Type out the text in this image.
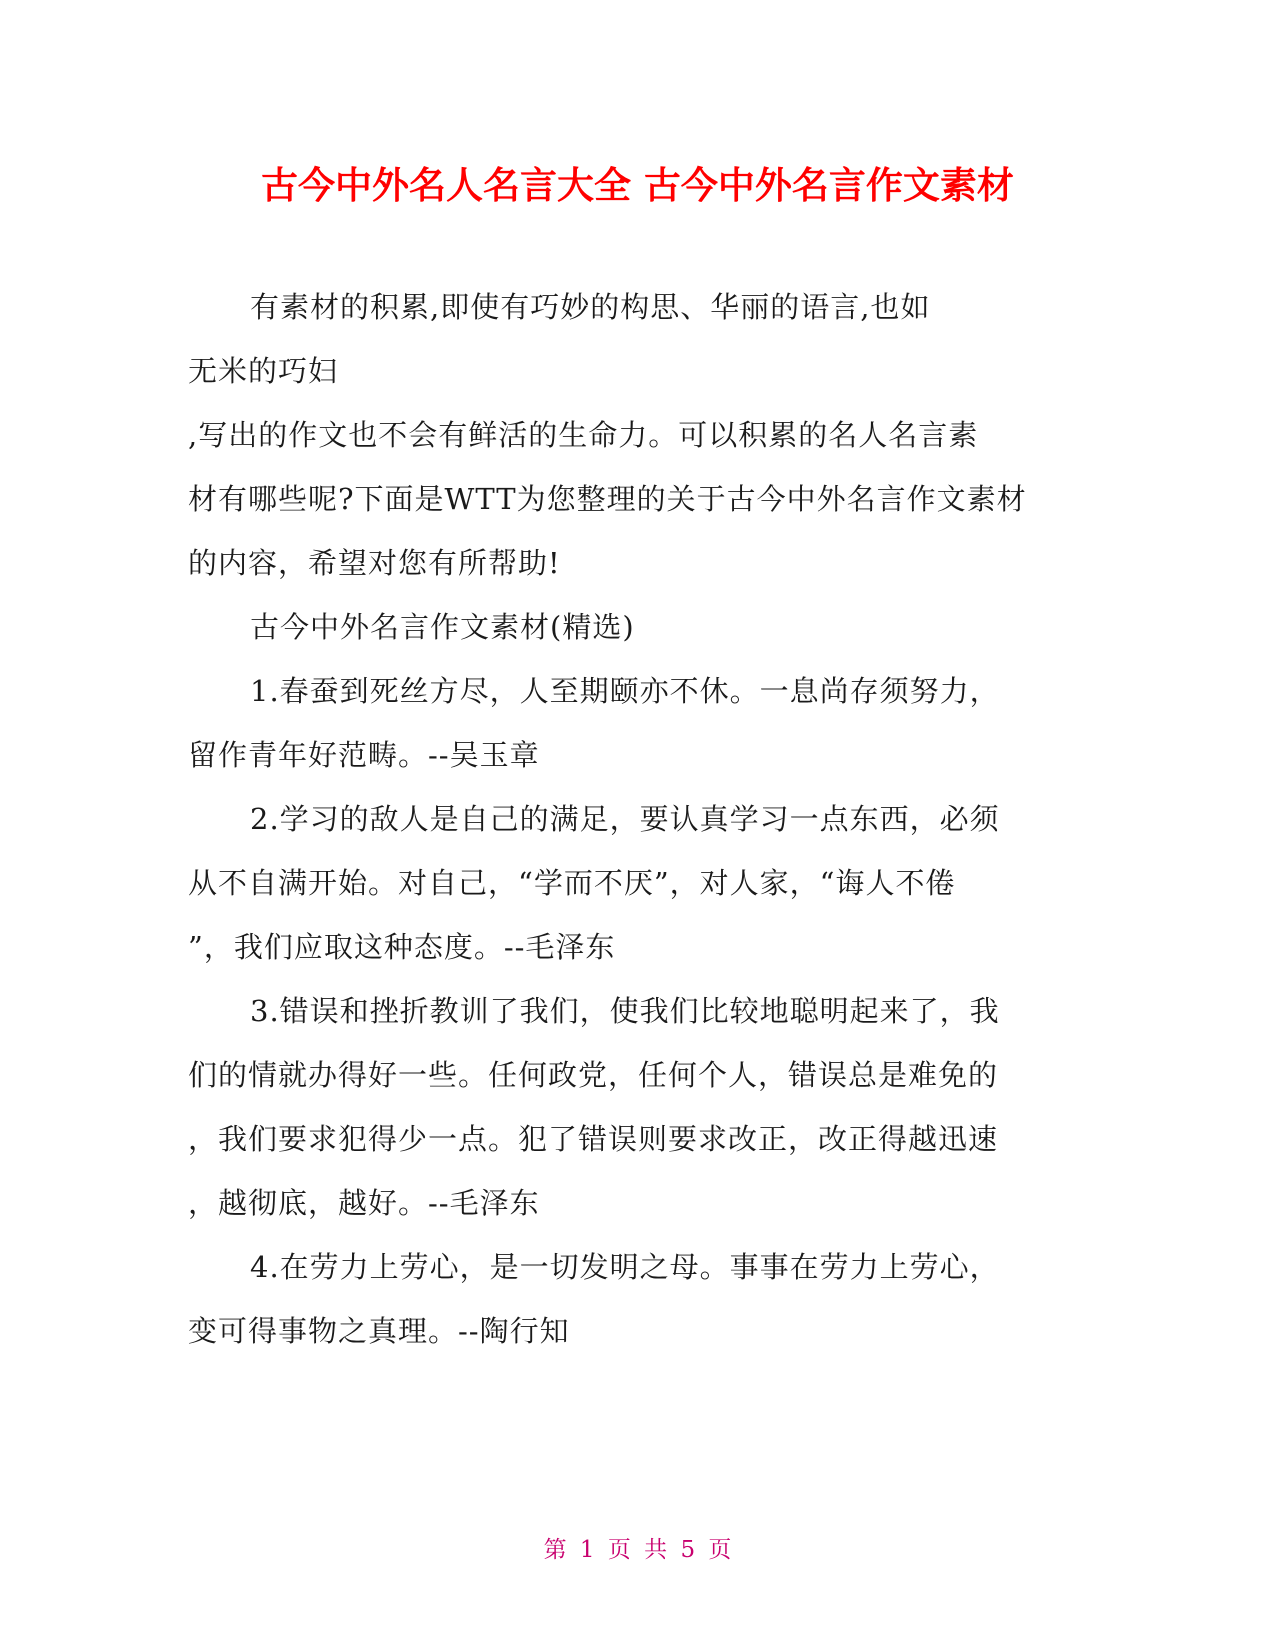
古今中外名人名言大全 古今中外名言作文素材
有素材的积累,即使有巧妙的构思、华丽的语言,也如
无米的巧妇
,写出的作文也不会有鲜活的生命力。可以积累的名人名言素
材有哪些呢?下面是WTT为您整理的关于古今中外名言作文素材
的内容，希望对您有所帮助!
古今中外名言作文素材(精选)
1.春蚕到死丝方尽，人至期颐亦不休。一息尚存须努力，
留作青年好范畴。--吴玉章
2.学习的敌人是自己的满足，要认真学习一点东西，必须
从不自满开始。对自己，“学而不厌”，对人家，“诲人不倦
”，我们应取这种态度。--毛泽东
3.错误和挫折教训了我们，使我们比较地聪明起来了，我
们的情就办得好一些。任何政党，任何个人，错误总是难免的
，我们要求犯得少一点。犯了错误则要求改正，改正得越迅速
，越彻底，越好。--毛泽东
4.在劳力上劳心，是一切发明之母。事事在劳力上劳心，
变可得事物之真理。--陶行知
第 1 页 共 5 页
